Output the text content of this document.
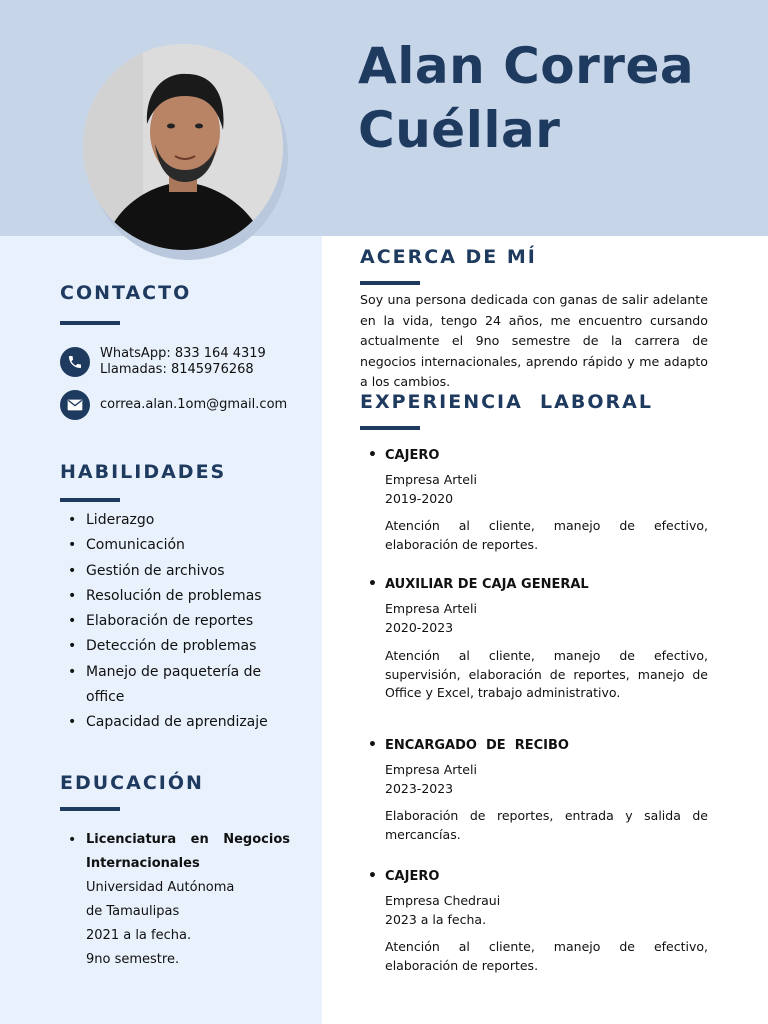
Alan Correa
Cuéllar
CONTACTO
WhatsApp: 833 164 4319
Llamadas: 8145976268
correa.alan.1om@gmail.com
HABILIDADES
• Liderazgo
• Comunicación
• Gestión de archivos
• Resolución de problemas
• Elaboración de reportes
• Detección de problemas
• Manejo de paquetería de
office
• Capacidad de aprendizaje
EDUCACIÓN
• Licenciatura en Negocios
Internacionales
Universidad Autónoma
de Tamaulipas
2021 a la fecha.
9no semestre.
ACERCA DE MÍ

Soy una persona dedicada con ganas de salir adelante en la vida, tengo 24 años, me encuentro cursando actualmente el 9no semestre de la carrera de negocios internacionales, aprendo rápido y me adapto a los cambios.

EXPERIENCIA  LABORAL
• CAJERO
Empresa Arteli
2019-2020
Atención al cliente, manejo de efectivo, elaboración de reportes.
• AUXILIAR DE CAJA GENERAL
Empresa Arteli
2020-2023
Atención al cliente, manejo de efectivo, supervisión, elaboración de reportes, manejo de Office y Excel, trabajo administrativo.
• ENCARGADO  DE  RECIBO
Empresa Arteli
2023-2023
Elaboración de reportes, entrada y salida de mercancías.
• CAJERO
Empresa Chedraui
2023 a la fecha.
Atención al cliente, manejo de efectivo, elaboración de reportes.
